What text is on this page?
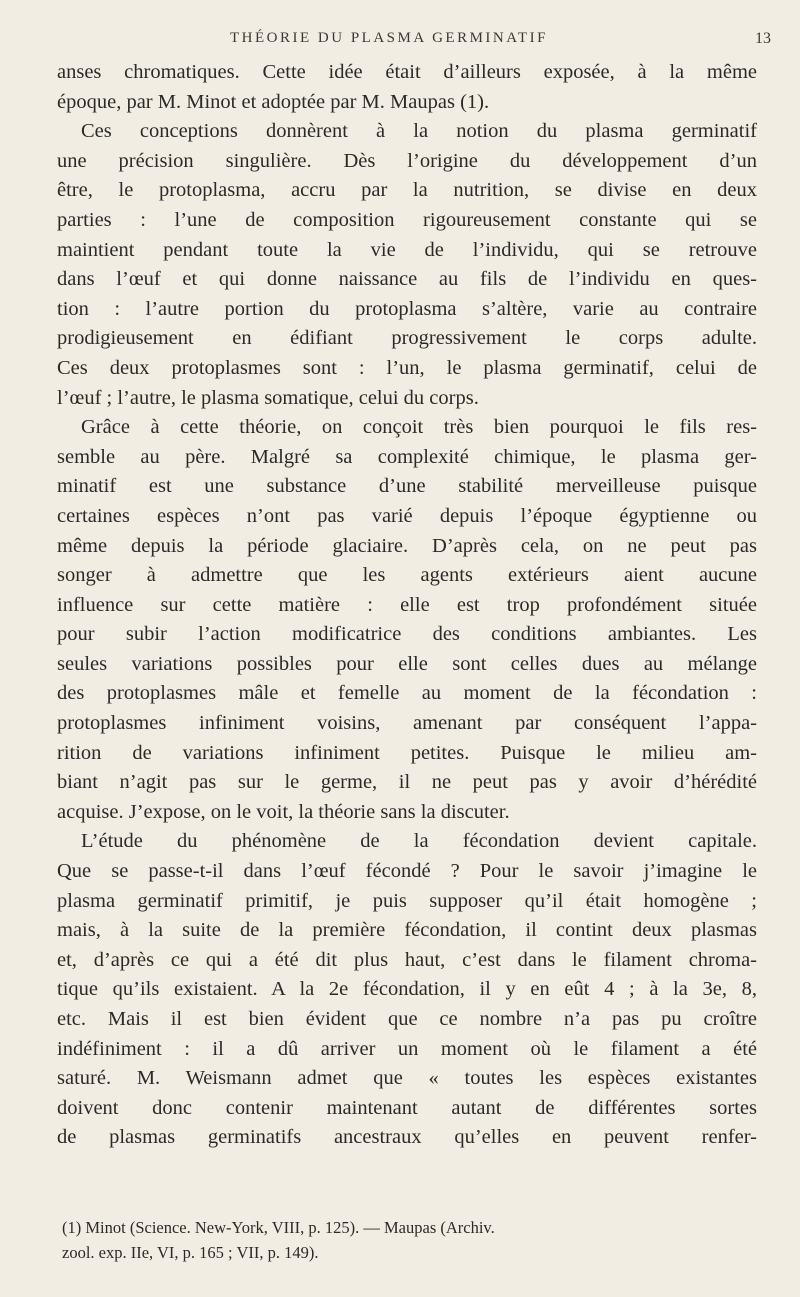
THÉORIE DU PLASMA GERMINATIF	13
anses chromatiques. Cette idée était d’ailleurs exposée, à la même
époque, par M. Minot et adoptée par M. Maupas (1).
Ces conceptions donnèrent à la notion du plasma germinatif
une précision singulière. Dès l’origine du développement d’un
être, le protoplasma, accru par la nutrition, se divise en deux
parties : l’une de composition rigoureusement constante qui se
maintient pendant toute la vie de l’individu, qui se retrouve
dans l’œuf et qui donne naissance au fils de l’individu en ques-
tion : l’autre portion du protoplasma s’altère, varie au contraire
prodigieusement en édifiant progressivement le corps adulte.
Ces deux protoplasmes sont : l’un, le plasma germinatif, celui de
l’œuf ; l’autre, le plasma somatique, celui du corps.
Grâce à cette théorie, on conçoit très bien pourquoi le fils res-
semble au père. Malgré sa complexité chimique, le plasma ger-
minatif est une substance d’une stabilité merveilleuse puisque
certaines espèces n’ont pas varié depuis l’époque égyptienne ou
même depuis la période glaciaire. D’après cela, on ne peut pas
songer à admettre que les agents extérieurs aient aucune
influence sur cette matière : elle est trop profondément située
pour subir l’action modificatrice des conditions ambiantes. Les
seules variations possibles pour elle sont celles dues au mélange
des protoplasmes mâle et femelle au moment de la fécondation :
protoplasmes infiniment voisins, amenant par conséquent l’appa-
rition de variations infiniment petites. Puisque le milieu am-
biant n’agit pas sur le germe, il ne peut pas y avoir d’hérédité
acquise. J’expose, on le voit, la théorie sans la discuter.
L’étude du phénomène de la fécondation devient capitale.
Que se passe-t-il dans l’œuf fécondé ? Pour le savoir j’imagine le
plasma germinatif primitif, je puis supposer qu’il était homogène ;
mais, à la suite de la première fécondation, il contint deux plasmas
et, d’après ce qui a été dit plus haut, c’est dans le filament chroma-
tique qu’ils existaient. A la 2e fécondation, il y en eût 4 ; à la 3e, 8,
etc. Mais il est bien évident que ce nombre n’a pas pu croître
indéfiniment : il a dû arriver un moment où le filament a été
saturé. M. Weismann admet que « toutes les espèces existantes
doivent donc contenir maintenant autant de différentes sortes
de plasmas germinatifs ancestraux qu’elles en peuvent renfer-
(1) Minot (Science. New-York, VIII, p. 125). — Maupas (Archiv.
zool. exp. IIe, VI, p. 165 ; VII, p. 149).
